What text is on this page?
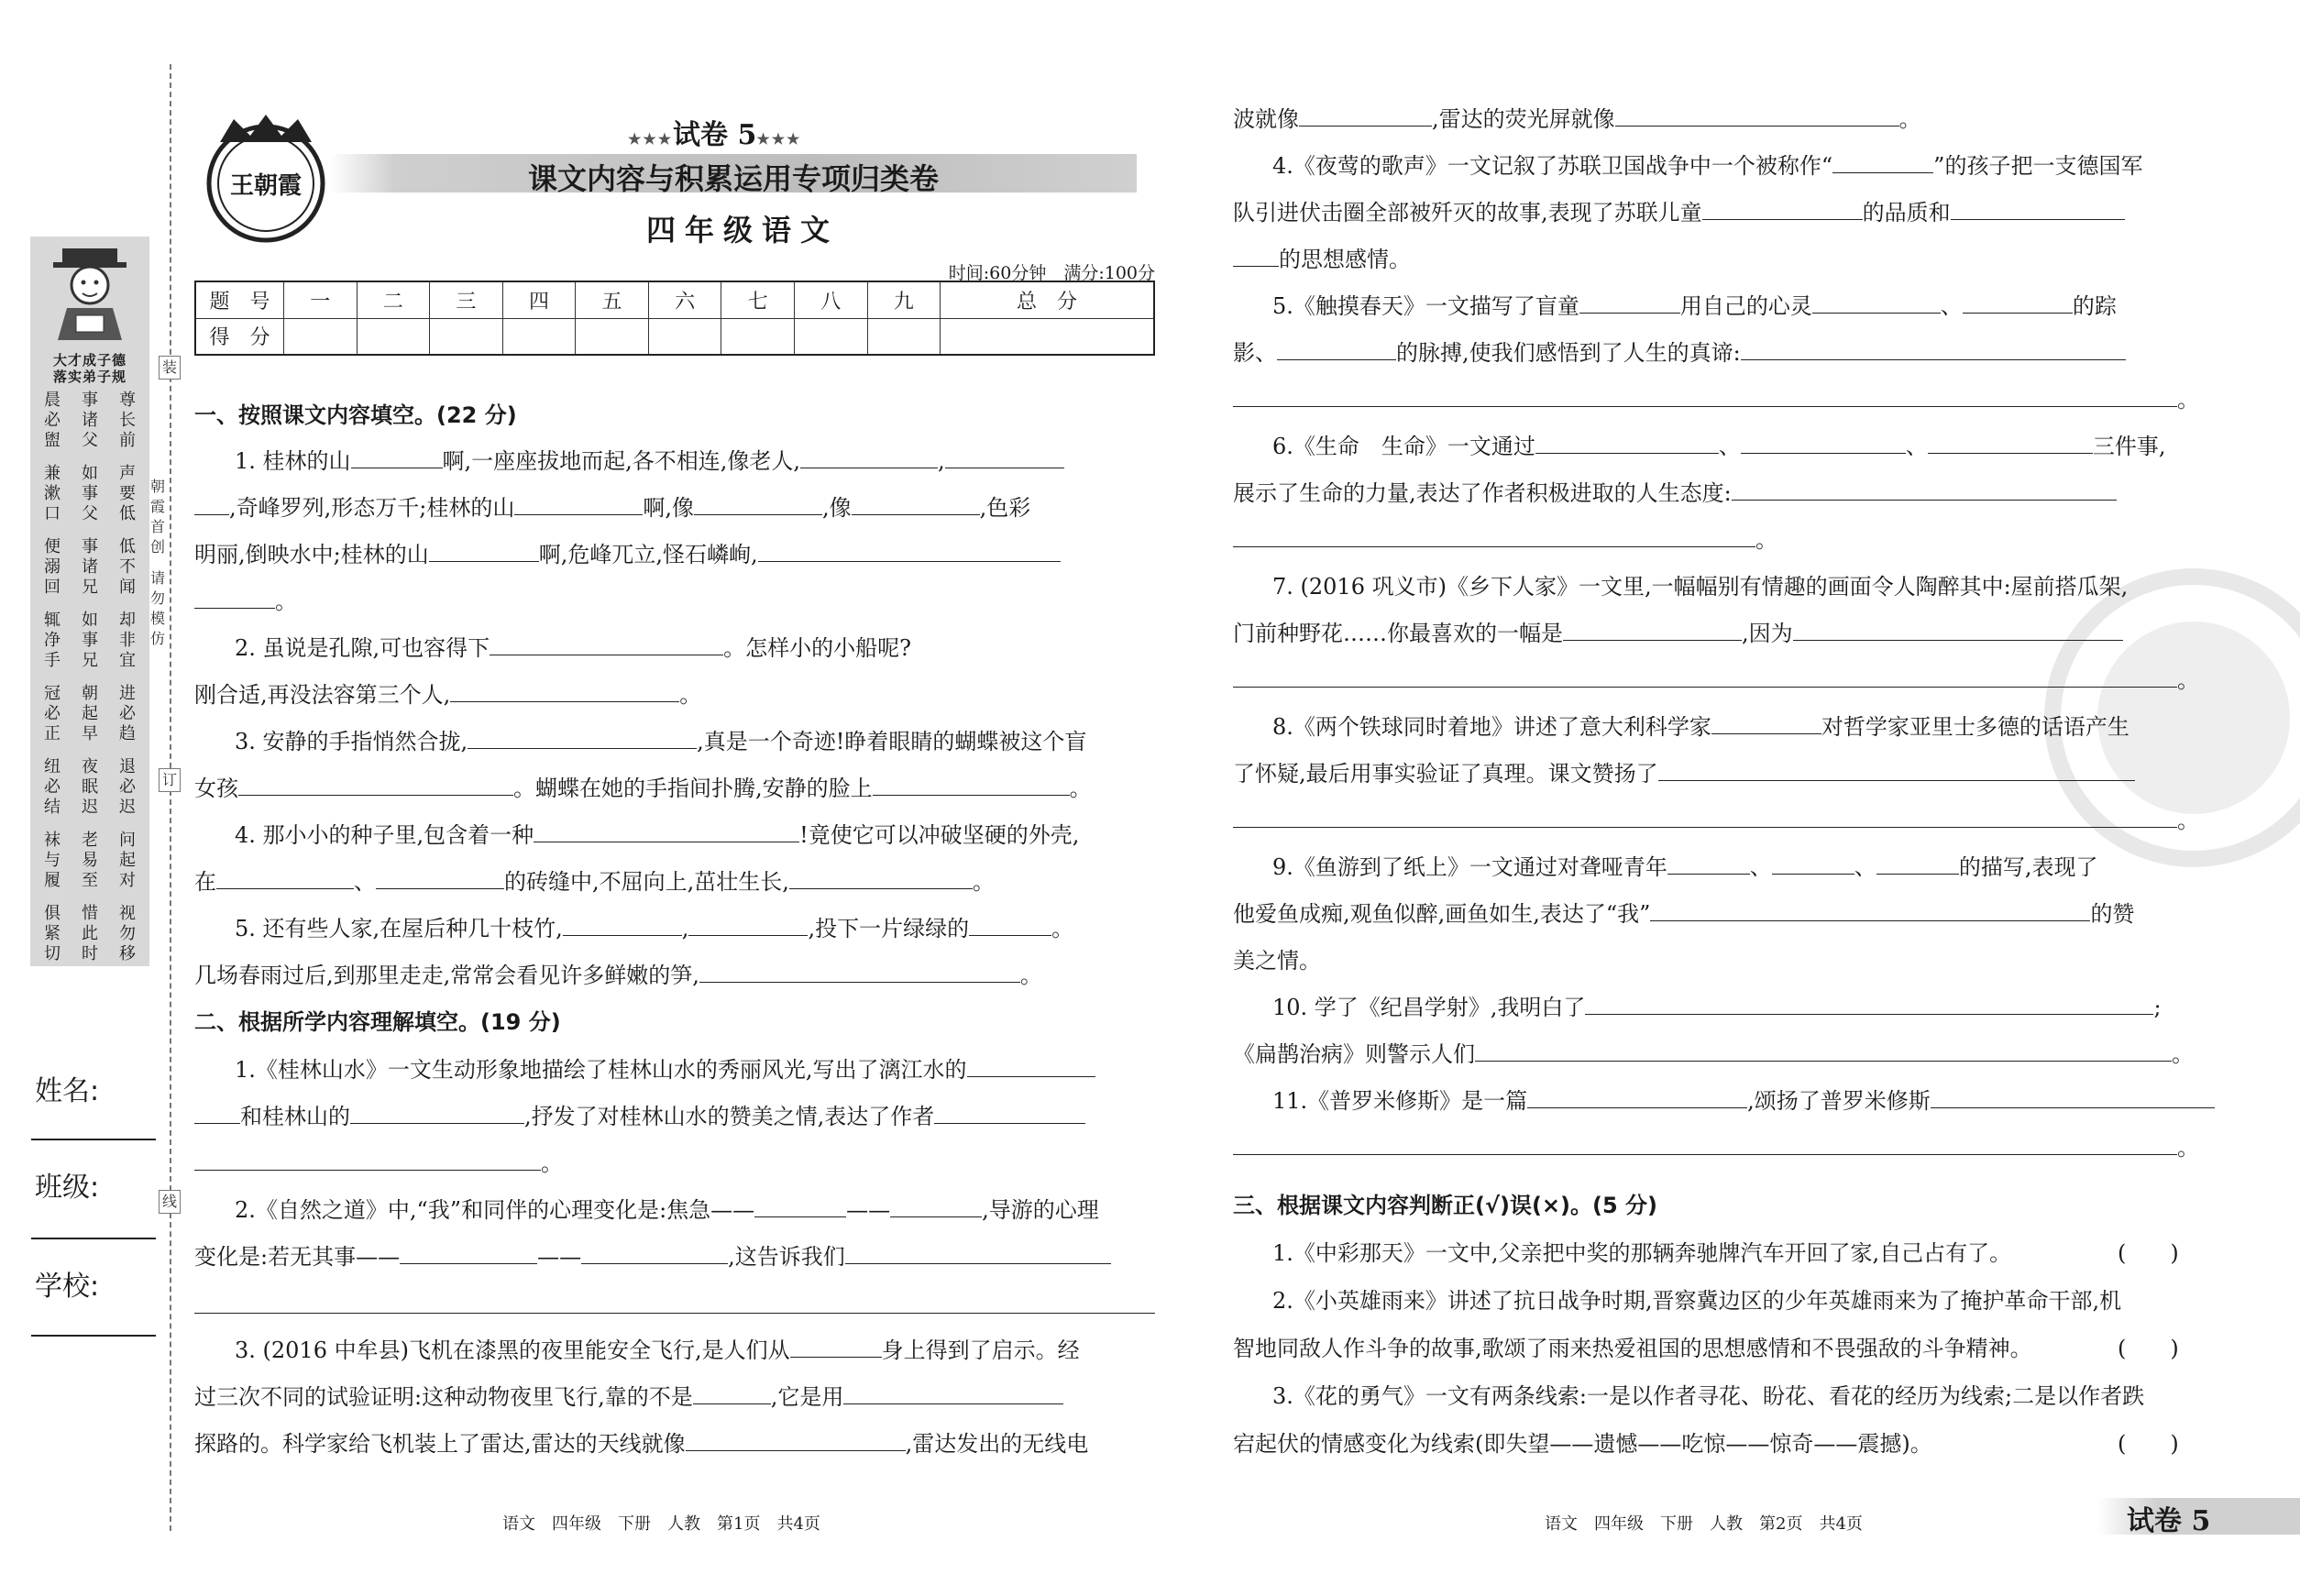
大才成子德
落实弟子规
晨必盥
事诸父
尊长前
兼漱口
如事父
声要低
便溺回
事诸兄
低不闻
辄净手
如事兄
却非宜
冠必正
朝起早
进必趋
纽必结
夜眠迟
退必迟
袜与履
老易至
问起对
俱紧切
惜此时
视勿移
朝霞首创
请勿模仿
装
订
线
姓名:
班级:
学校:
王朝霞
★★★试卷 5★★★
课文内容与积累运用专项归类卷
四年级语文
时间:60分钟　满分:100分
题　号	一	二	三	四	五	六	七	八	九	总　分
得　分										
一、按照课文内容填空。(22 分)
1. 桂林的山	啊,一座座拔地而起,各不相连,像老人,	,
,奇峰罗列,形态万千;桂林的山	啊,像	,像	,色彩
明丽,倒映水中;桂林的山	啊,危峰兀立,怪石嶙峋,
。
2. 虽说是孔隙,可也容得下	。怎样小的小船呢?
刚合适,再没法容第三个人,	。
3. 安静的手指悄然合拢,	,真是一个奇迹!睁着眼睛的蝴蝶被这个盲
女孩	。蝴蝶在她的手指间扑腾,安静的脸上	。
4. 那小小的种子里,包含着一种	!竟使它可以冲破坚硬的外壳,
在	、	的砖缝中,不屈向上,茁壮生长,	。
5. 还有些人家,在屋后种几十枝竹,	,	,投下一片绿绿的	。
几场春雨过后,到那里走走,常常会看见许多鲜嫩的笋,	。
二、根据所学内容理解填空。(19 分)
1.《桂林山水》一文生动形象地描绘了桂林山水的秀丽风光,写出了漓江水的
和桂林山的	,抒发了对桂林山水的赞美之情,表达了作者
。
2.《自然之道》中,“我”和同伴的心理变化是:焦急——	——	,导游的心理
变化是:若无其事——	——	,这告诉我们
3. (2016 中牟县)飞机在漆黑的夜里能安全飞行,是人们从	身上得到了启示。经
过三次不同的试验证明:这种动物夜里飞行,靠的不是	,它是用
探路的。科学家给飞机装上了雷达,雷达的天线就像	,雷达发出的无线电
语文　四年级　下册　人教　第1页　共4页
波就像	,雷达的荧光屏就像	。
4.《夜莺的歌声》一文记叙了苏联卫国战争中一个被称作“	”的孩子把一支德国军
队引进伏击圈全部被歼灭的故事,表现了苏联儿童	的品质和
的思想感情。
5.《触摸春天》一文描写了盲童	用自己的心灵	、	的踪
影、	的脉搏,使我们感悟到了人生的真谛:
。
6.《生命　生命》一文通过	、	、	三件事,
展示了生命的力量,表达了作者积极进取的人生态度:
。
7. (2016 巩义市)《乡下人家》一文里,一幅幅别有情趣的画面令人陶醉其中:屋前搭瓜架,
门前种野花……你最喜欢的一幅是	,因为
。
8.《两个铁球同时着地》讲述了意大利科学家	对哲学家亚里士多德的话语产生
了怀疑,最后用事实验证了真理。课文赞扬了
。
9.《鱼游到了纸上》一文通过对聋哑青年	、	、	的描写,表现了
他爱鱼成痴,观鱼似醉,画鱼如生,表达了“我”	的赞
美之情。
10. 学了《纪昌学射》,我明白了	;
《扁鹊治病》则警示人们	。
11.《普罗米修斯》是一篇	,颂扬了普罗米修斯
。
三、根据课文内容判断正(√)误(×)。(5 分)
1.《中彩那天》一文中,父亲把中奖的那辆奔驰牌汽车开回了家,自己占有了。	(　　)
2.《小英雄雨来》讲述了抗日战争时期,晋察冀边区的少年英雄雨来为了掩护革命干部,机
智地同敌人作斗争的故事,歌颂了雨来热爱祖国的思想感情和不畏强敌的斗争精神。	(　　)
3.《花的勇气》一文有两条线索:一是以作者寻花、盼花、看花的经历为线索;二是以作者跌
宕起伏的情感变化为线索(即失望——遗憾——吃惊——惊奇——震撼)。	(　　)
语文　四年级　下册　人教　第2页　共4页	试卷 5
